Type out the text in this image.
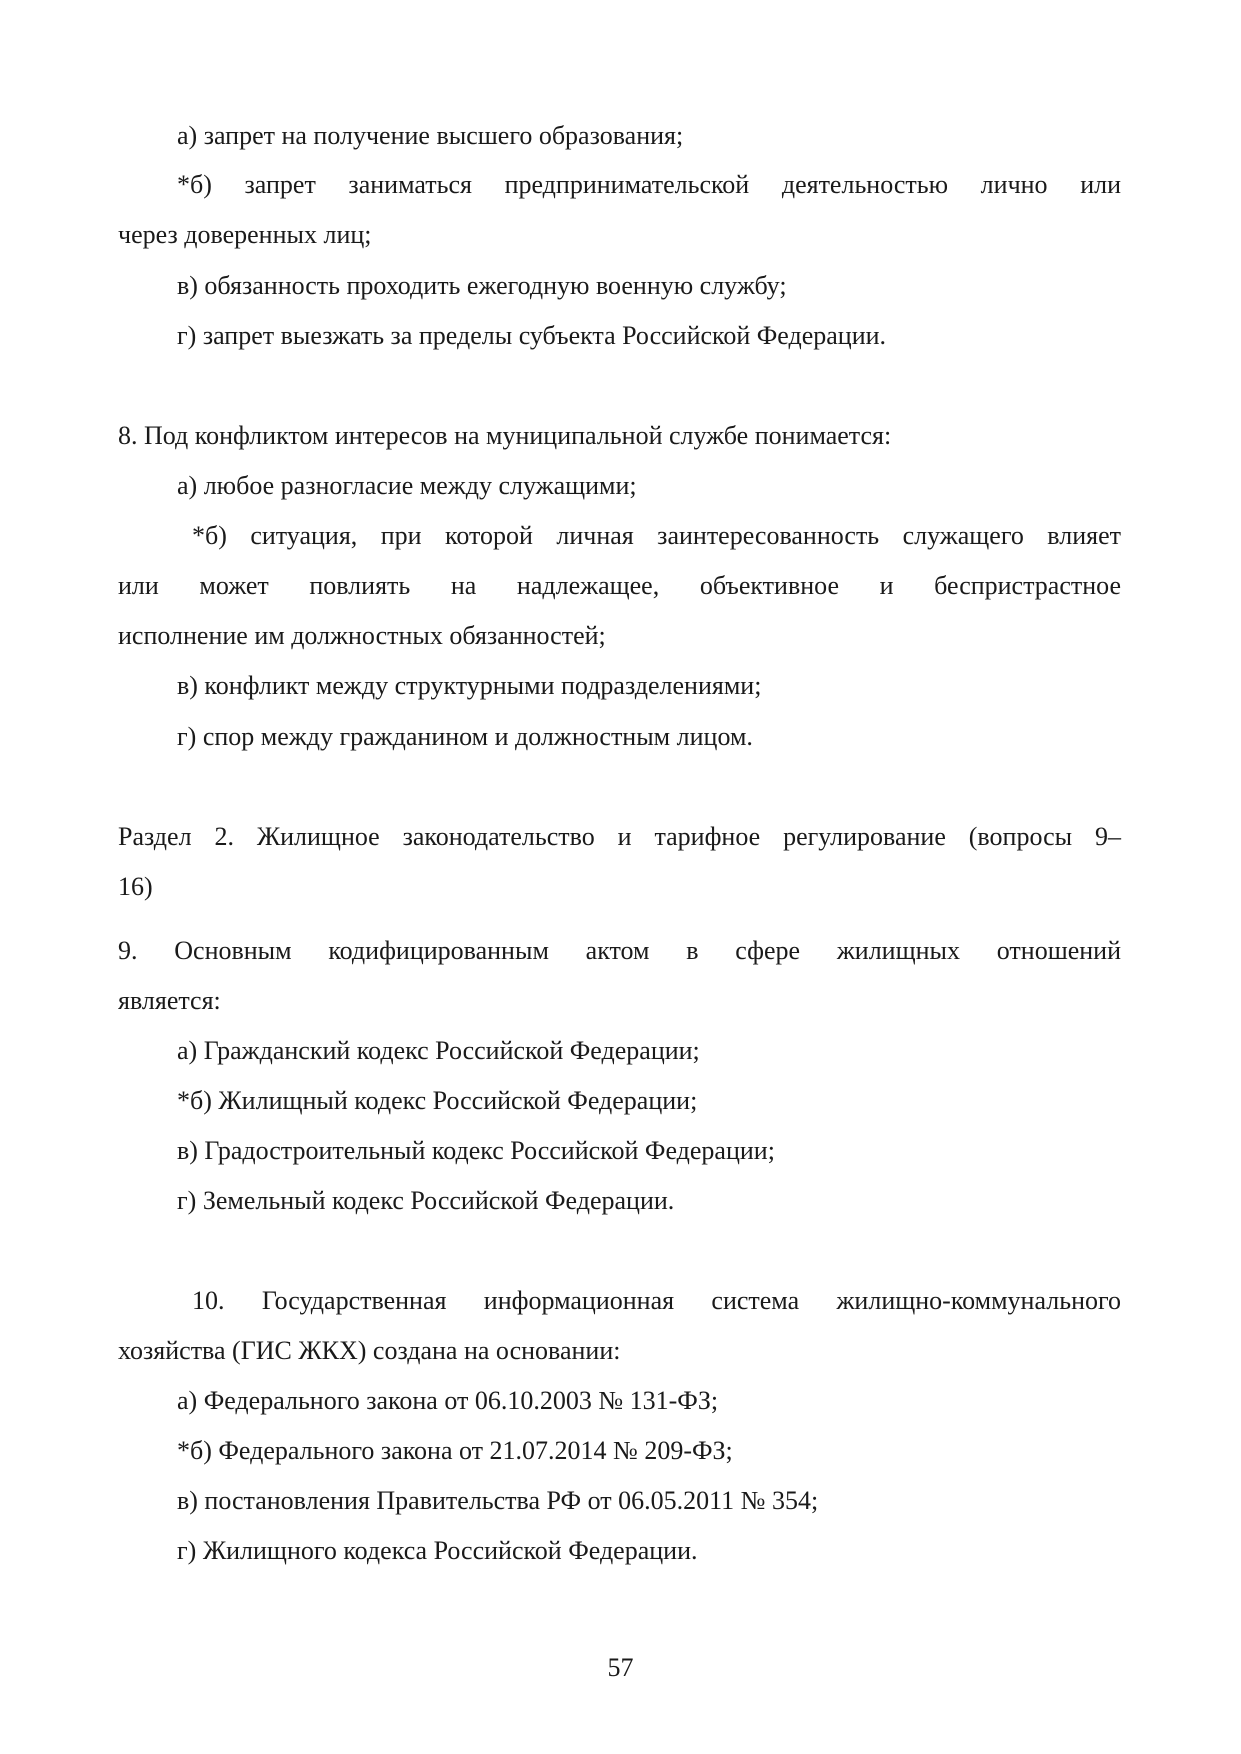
а) запрет на получение высшего образования;
*б) запрет заниматься предпринимательской деятельностью лично или
через доверенных лиц;
в) обязанность проходить ежегодную военную службу;
г) запрет выезжать за пределы субъекта Российской Федерации.
8. Под конфликтом интересов на муниципальной службе понимается:
а) любое разногласие между служащими;
*б) ситуация, при которой личная заинтересованность служащего влияет
или может повлиять на надлежащее, объективное и беспристрастное
исполнение им должностных обязанностей;
в) конфликт между структурными подразделениями;
г) спор между гражданином и должностным лицом.
Раздел 2. Жилищное законодательство и тарифное регулирование (вопросы 9–
16)
9. Основным кодифицированным актом в сфере жилищных отношений
является:
а) Гражданский кодекс Российской Федерации;
*б) Жилищный кодекс Российской Федерации;
в) Градостроительный кодекс Российской Федерации;
г) Земельный кодекс Российской Федерации.
10. Государственная информационная система жилищно-коммунального
хозяйства (ГИС ЖКХ) создана на основании:
а) Федерального закона от 06.10.2003 № 131-ФЗ;
*б) Федерального закона от 21.07.2014 № 209-ФЗ;
в) постановления Правительства РФ от 06.05.2011 № 354;
г) Жилищного кодекса Российской Федерации.
57
